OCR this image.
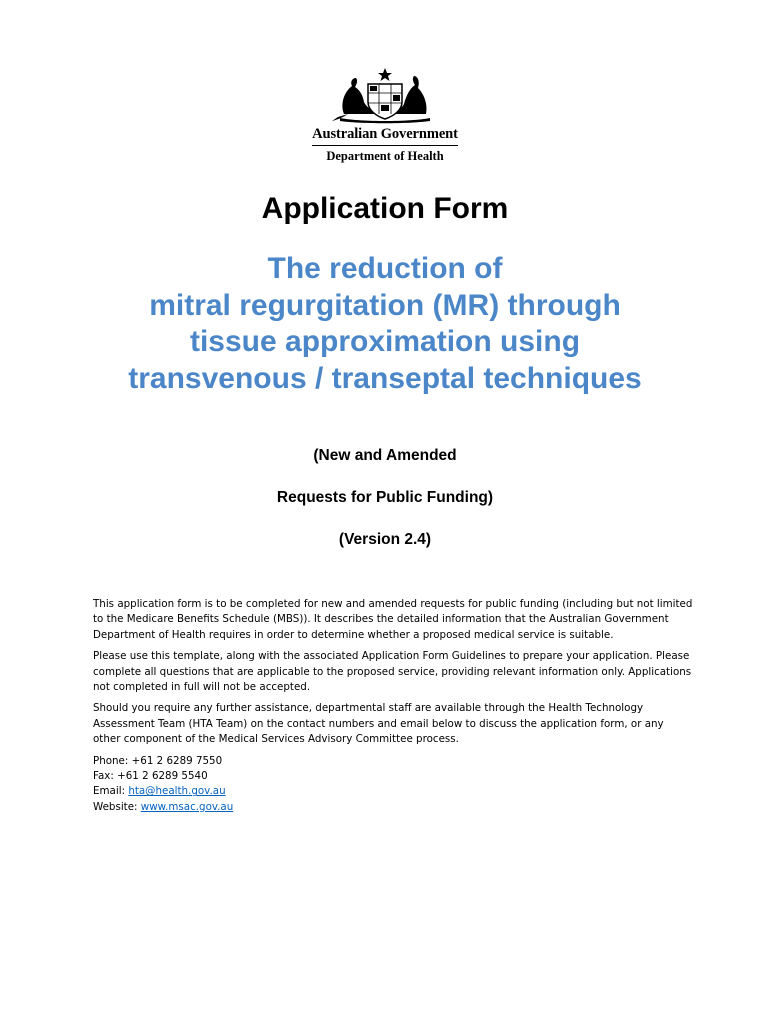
Australian Government
Department of Health
Application Form
The reduction of
mitral regurgitation (MR) through
tissue approximation using
transvenous / transeptal techniques

(New and Amended

Requests for Public Funding)

(Version 2.4)

This application form is to be completed for new and amended requests for public funding (including but not limited to the Medicare Benefits Schedule (MBS)). It describes the detailed information that the Australian Government Department of Health requires in order to determine whether a proposed medical service is suitable.

Please use this template, along with the associated Application Form Guidelines to prepare your application. Please complete all questions that are applicable to the proposed service, providing relevant information only. Applications not completed in full will not be accepted.

Should you require any further assistance, departmental staff are available through the Health Technology Assessment Team (HTA Team) on the contact numbers and email below to discuss the application form, or any other component of the Medical Services Advisory Committee process.

Phone: +61 2 6289 7550
Fax: +61 2 6289 5540
Email: hta@health.gov.au
Website: www.msac.gov.au
